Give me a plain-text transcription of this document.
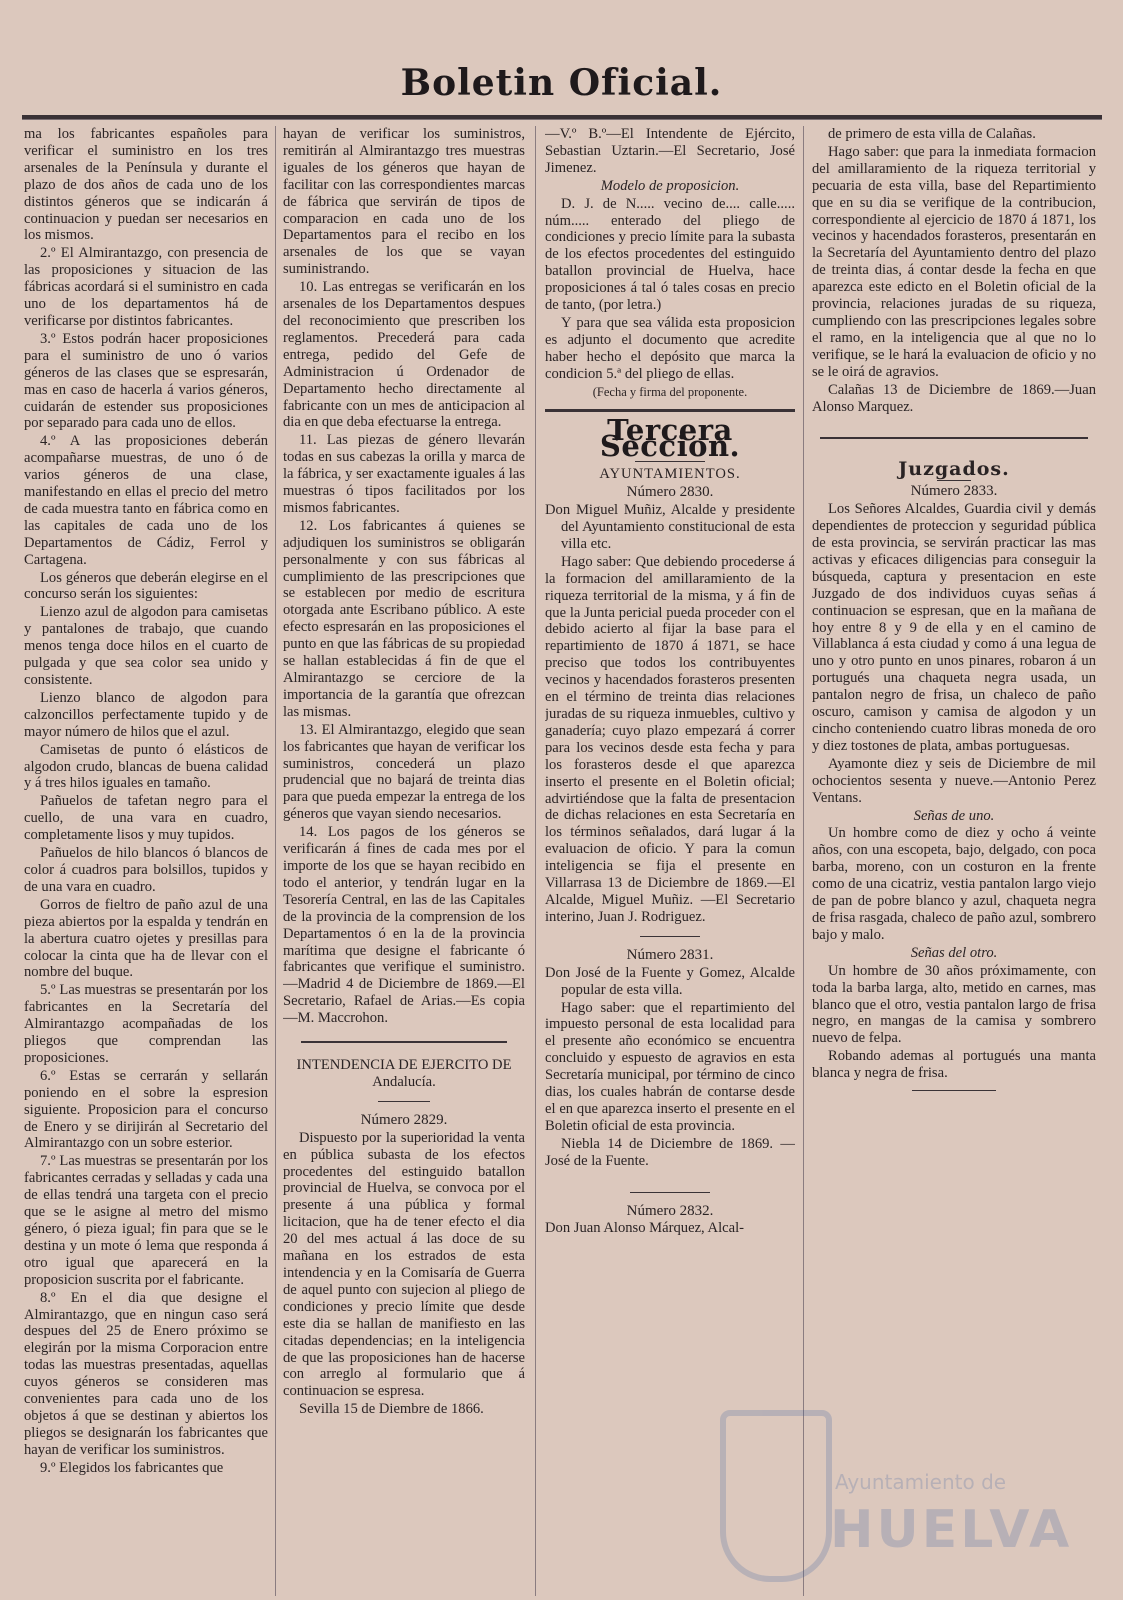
Boletin Oficial.

ma los fabricantes españoles para verificar el suministro en los tres arsenales de la Península y durante el plazo de dos años de cada uno de los distintos géneros que se indicarán á continuacion y puedan ser necesarios en los mismos.

2.º El Almirantazgo, con presencia de las proposiciones y situacion de las fábricas acordará si el suministro en cada uno de los departamentos há de verificarse por distintos fabricantes.

3.º Estos podrán hacer proposiciones para el suministro de uno ó varios géneros de las clases que se espresarán, mas en caso de hacerla á varios géneros, cuidarán de estender sus proposiciones por separado para cada uno de ellos.

4.º A las proposiciones deberán acompañarse muestras, de uno ó de varios géneros de una clase, manifestando en ellas el precio del metro de cada muestra tanto en fábrica como en las capitales de cada uno de los Departamentos de Cádiz, Ferrol y Cartagena.

Los géneros que deberán elegirse en el concurso serán los siguientes:

Lienzo azul de algodon para camisetas y pantalones de trabajo, que cuando menos tenga doce hilos en el cuarto de pulgada y que sea color sea unido y consistente.

Lienzo blanco de algodon para calzoncillos perfectamente tupido y de mayor número de hilos que el azul.

Camisetas de punto ó elásticos de algodon crudo, blancas de buena calidad y á tres hilos iguales en tamaño.

Pañuelos de tafetan negro para el cuello, de una vara en cuadro, completamente lisos y muy tupidos.

Pañuelos de hilo blancos ó blancos de color á cuadros para bolsillos, tupidos y de una vara en cuadro.

Gorros de fieltro de paño azul de una pieza abiertos por la espalda y tendrán en la abertura cuatro ojetes y presillas para colocar la cinta que ha de llevar con el nombre del buque.

5.º Las muestras se presentarán por los fabricantes en la Secretaría del Almirantazgo acompañadas de los pliegos que comprendan las proposiciones.

6.º Estas se cerrarán y sellarán poniendo en el sobre la espresion siguiente. Proposicion para el concurso de Enero y se dirijirán al Secretario del Almirantazgo con un sobre esterior.

7.º Las muestras se presentarán por los fabricantes cerradas y selladas y cada una de ellas tendrá una targeta con el precio que se le asigne al metro del mismo género, ó pieza igual; fin para que se le destina y un mote ó lema que responda á otro igual que aparecerá en la proposicion suscrita por el fabricante.

8.º En el dia que designe el Almirantazgo, que en ningun caso será despues del 25 de Enero próximo se elegirán por la misma Corporacion entre todas las muestras presentadas, aquellas cuyos géneros se consideren mas convenientes para cada uno de los objetos á que se destinan y abiertos los pliegos se designarán los fabricantes que hayan de verificar los suministros.

9.º Elegidos los fabricantes que

hayan de verificar los suministros, remitirán al Almirantazgo tres muestras iguales de los géneros que hayan de facilitar con las correspondientes marcas de fábrica que servirán de tipos de comparacion en cada uno de los Departamentos para el recibo en los arsenales de los que se vayan suministrando.

10. Las entregas se verificarán en los arsenales de los Departamentos despues del reconocimiento que prescriben los reglamentos. Precederá para cada entrega, pedido del Gefe de Administracion ú Ordenador de Departamento hecho directamente al fabricante con un mes de anticipacion al dia en que deba efectuarse la entrega.

11. Las piezas de género llevarán todas en sus cabezas la orilla y marca de la fábrica, y ser exactamente iguales á las muestras ó tipos facilitados por los mismos fabricantes.

12. Los fabricantes á quienes se adjudiquen los suministros se obligarán personalmente y con sus fábricas al cumplimiento de las prescripciones que se establecen por medio de escritura otorgada ante Escribano público. A este efecto espresarán en las proposiciones el punto en que las fábricas de su propiedad se hallan establecidas á fin de que el Almirantazgo se cerciore de la importancia de la garantía que ofrezcan las mismas.

13. El Almirantazgo, elegido que sean los fabricantes que hayan de verificar los suministros, concederá un plazo prudencial que no bajará de treinta dias para que pueda empezar la entrega de los géneros que vayan siendo necesarios.

14. Los pagos de los géneros se verificarán á fines de cada mes por el importe de los que se hayan recibido en todo el anterior, y tendrán lugar en la Tesorería Central, en las de las Capitales de la provincia de la comprension de los Departamentos ó en la de la provincia marítima que designe el fabricante ó fabricantes que verifique el suministro.—Madrid 4 de Diciembre de 1869.—El Secretario, Rafael de Arias.—Es copia —M. Maccrohon.

INTENDENCIA DE EJERCITO DE Andalucía.

Número 2829.

Dispuesto por la superioridad la venta en pública subasta de los efectos procedentes del estinguido batallon provincial de Huelva, se convoca por el presente á una pública y formal licitacion, que ha de tener efecto el dia 20 del mes actual á las doce de su mañana en los estrados de esta intendencia y en la Comisaría de Guerra de aquel punto con sujecion al pliego de condiciones y precio límite que desde este dia se hallan de manifiesto en las citadas dependencias; en la inteligencia de que las proposiciones han de hacerse con arreglo al formulario que á continuacion se espresa.

Sevilla 15 de Diembre de 1866.

—V.º B.º—El Intendente de Ejército, Sebastian Uztarin.—El Secretario, José Jimenez.

Modelo de proposicion.

D. J. de N..... vecino de.... calle..... núm..... enterado del pliego de condiciones y precio límite para la subasta de los efectos procedentes del estinguido batallon provincial de Huelva, hace proposiciones á tal ó tales cosas en precio de tanto, (por letra.)

Y para que sea válida esta proposicion es adjunto el documento que acredite haber hecho el depósito que marca la condicion 5.ª del pliego de ellas.

(Fecha y firma del proponente.

Tercera Seccion.

AYUNTAMIENTOS.

Número 2830.

Don Miguel Muñiz, Alcalde y presidente del Ayuntamiento constitucional de esta villa etc.

Hago saber: Que debiendo procederse á la formacion del amillaramiento de la riqueza territorial de la misma, y á fin de que la Junta pericial pueda proceder con el debido acierto al fijar la base para el repartimiento de 1870 á 1871, se hace preciso que todos los contribuyentes vecinos y hacendados forasteros presenten en el término de treinta dias relaciones juradas de su riqueza inmuebles, cultivo y ganadería; cuyo plazo empezará á correr para los vecinos desde esta fecha y para los forasteros desde el que aparezca inserto el presente en el Boletin oficial; advirtiéndose que la falta de presentacion de dichas relaciones en esta Secretaría en los términos señalados, dará lugar á la evaluacion de oficio. Y para la comun inteligencia se fija el presente en Villarrasa 13 de Diciembre de 1869.—El Alcalde, Miguel Muñiz. —El Secretario interino, Juan J. Rodriguez.

Número 2831.

Don José de la Fuente y Gomez, Alcalde popular de esta villa.

Hago saber: que el repartimiento del impuesto personal de esta localidad para el presente año económico se encuentra concluido y espuesto de agravios en esta Secretaría municipal, por término de cinco dias, los cuales habrán de contarse desde el en que aparezca inserto el presente en el Boletin oficial de esta provincia.

Niebla 14 de Diciembre de 1869. —José de la Fuente.

Número 2832.

Don Juan Alonso Márquez, Alcal-

de primero de esta villa de Calañas.

Hago saber: que para la inmediata formacion del amillaramiento de la riqueza territorial y pecuaria de esta villa, base del Repartimiento que en su dia se verifique de la contribucion, correspondiente al ejercicio de 1870 á 1871, los vecinos y hacendados forasteros, presentarán en la Secretaría del Ayuntamiento dentro del plazo de treinta dias, á contar desde la fecha en que aparezca este edicto en el Boletin oficial de la provincia, relaciones juradas de su riqueza, cumpliendo con las prescripciones legales sobre el ramo, en la inteligencia que al que no lo verifique, se le hará la evaluacion de oficio y no se le oirá de agravios.

Calañas 13 de Diciembre de 1869.—Juan Alonso Marquez.

Juzgados.

Número 2833.

Los Señores Alcaldes, Guardia civil y demás dependientes de proteccion y seguridad pública de esta provincia, se servirán practicar las mas activas y eficaces diligencias para conseguir la búsqueda, captura y presentacion en este Juzgado de dos individuos cuyas señas á continuacion se espresan, que en la mañana de hoy entre 8 y 9 de ella y en el camino de Villablanca á esta ciudad y como á una legua de uno y otro punto en unos pinares, robaron á un portugués una chaqueta negra usada, un pantalon negro de frisa, un chaleco de paño oscuro, camison y camisa de algodon y un cincho conteniendo cuatro libras moneda de oro y diez tostones de plata, ambas portuguesas.

Ayamonte diez y seis de Diciembre de mil ochocientos sesenta y nueve.—Antonio Perez Ventans.

Señas de uno.

Un hombre como de diez y ocho á veinte años, con una escopeta, bajo, delgado, con poca barba, moreno, con un costuron en la frente como de una cicatriz, vestia pantalon largo viejo de pan de pobre blanco y azul, chaqueta negra de frisa rasgada, chaleco de paño azul, sombrero bajo y malo.

Señas del otro.

Un hombre de 30 años próximamente, con toda la barba larga, alto, metido en carnes, mas blanco que el otro, vestia pantalon largo de frisa negro, en mangas de la camisa y sombrero nuevo de felpa.

Robando ademas al portugués una manta blanca y negra de frisa.

Ayuntamiento de
HUELVA
